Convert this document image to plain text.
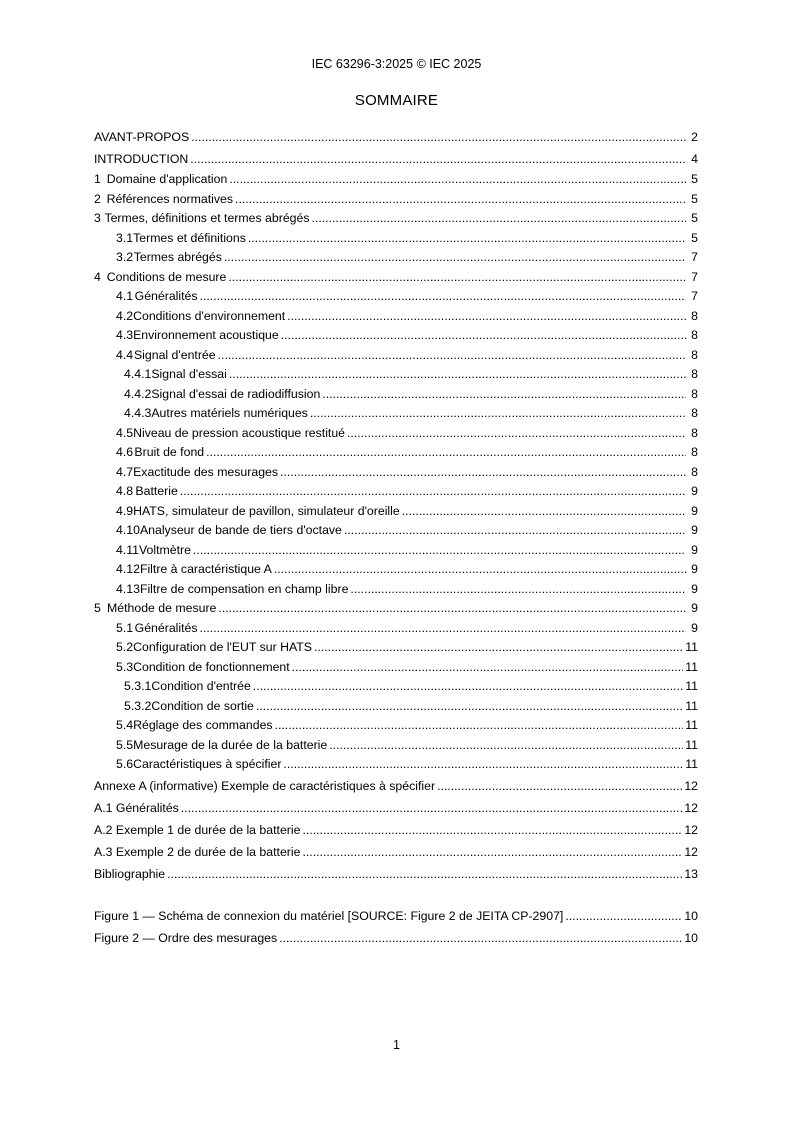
IEC 63296-3:2025 © IEC 2025
SOMMAIRE
AVANT-PROPOS .....	2
INTRODUCTION .....	4
1 Domaine d'application .....	5
2 Références normatives .....	5
3 Termes, définitions et termes abrégés .....	5
3.1 Termes et définitions .....	5
3.2 Termes abrégés .....	7
4 Conditions de mesure .....	7
4.1 Généralités .....	7
4.2 Conditions d'environnement .....	8
4.3 Environnement acoustique .....	8
4.4 Signal d'entrée .....	8
4.4.1 Signal d'essai .....	8
4.4.2 Signal d'essai de radiodiffusion .....	8
4.4.3 Autres matériels numériques .....	8
4.5 Niveau de pression acoustique restitué .....	8
4.6 Bruit de fond .....	8
4.7 Exactitude des mesurages .....	8
4.8 Batterie .....	9
4.9 HATS, simulateur de pavillon, simulateur d'oreille .....	9
4.10 Analyseur de bande de tiers d'octave .....	9
4.11 Voltmètre .....	9
4.12 Filtre à caractéristique A .....	9
4.13 Filtre de compensation en champ libre .....	9
5 Méthode de mesure .....	9
5.1 Généralités .....	9
5.2 Configuration de l'EUT sur HATS .....	11
5.3 Condition de fonctionnement .....	11
5.3.1 Condition d'entrée .....	11
5.3.2 Condition de sortie .....	11
5.4 Réglage des commandes .....	11
5.5 Mesurage de la durée de la batterie .....	11
5.6 Caractéristiques à spécifier .....	11
Annexe A (informative) Exemple de caractéristiques à spécifier .....	12
A.1 Généralités .....	12
A.2 Exemple 1 de durée de la batterie .....	12
A.3 Exemple 2 de durée de la batterie .....	12
Bibliographie .....	13
Figure 1 — Schéma de connexion du matériel [SOURCE: Figure 2 de JEITA CP-2907] .....	10
Figure 2 — Ordre des mesurages .....	10
1
